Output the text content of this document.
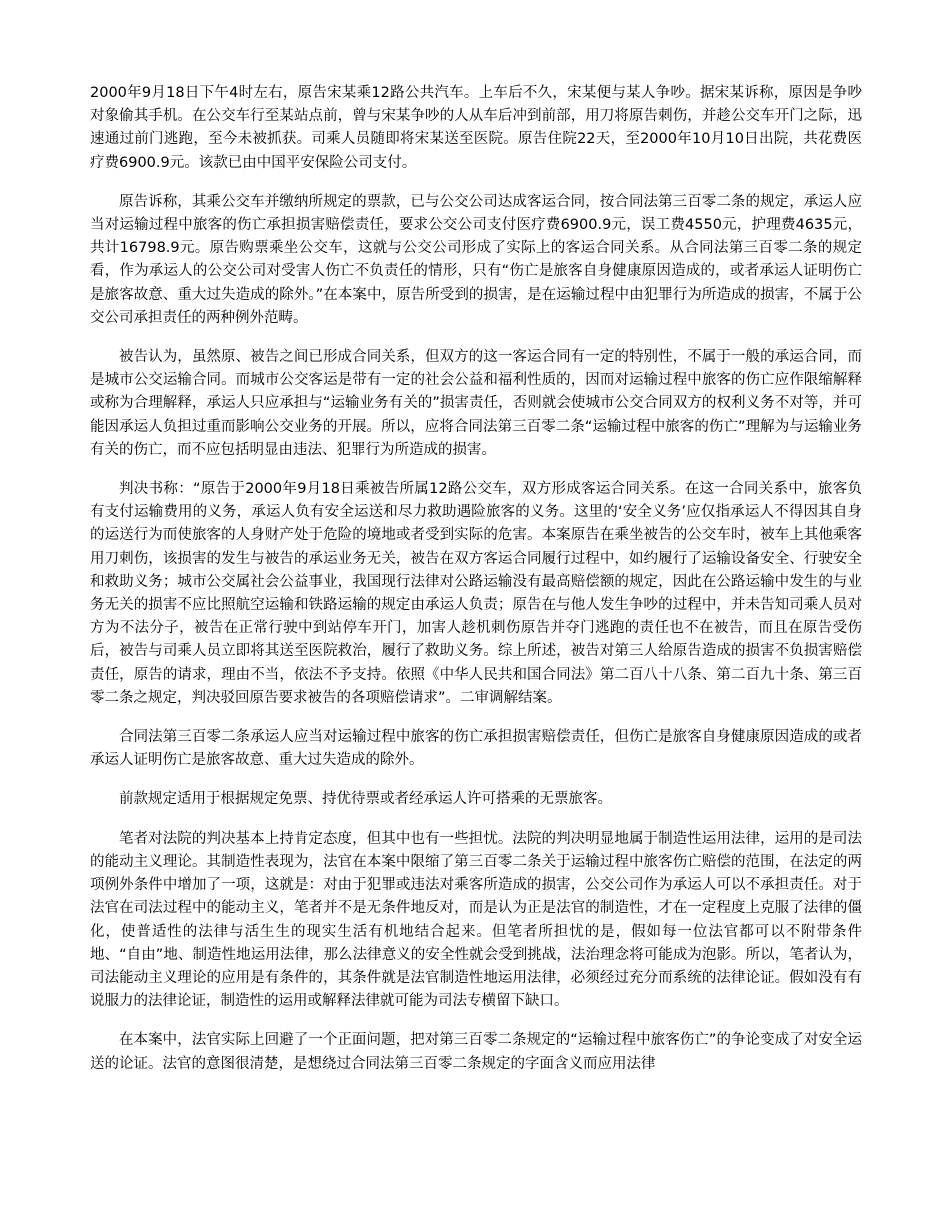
2000年9月18日下午4时左右，原告宋某乘12路公共汽车。上车后不久，宋某便与某人争吵。据宋某诉称，原因是争吵对象偷其手机。在公交车行至某站点前，曾与宋某争吵的人从车后冲到前部，用刀将原告刺伤，并趁公交车开门之际，迅速通过前门逃跑，至今未被抓获。司乘人员随即将宋某送至医院。原告住院22天，至2000年10月10日出院，共花费医疗费6900.9元。该款已由中国平安保险公司支付。

原告诉称，其乘公交车并缴纳所规定的票款，已与公交公司达成客运合同，按合同法第三百零二条的规定，承运人应当对运输过程中旅客的伤亡承担损害赔偿责任，要求公交公司支付医疗费6900.9元，误工费4550元，护理费4635元，共计16798.9元。原告购票乘坐公交车，这就与公交公司形成了实际上的客运合同关系。从合同法第三百零二条的规定看，作为承运人的公交公司对受害人伤亡不负责任的情形，只有“伤亡是旅客自身健康原因造成的，或者承运人证明伤亡是旅客故意、重大过失造成的除外。”在本案中，原告所受到的损害，是在运输过程中由犯罪行为所造成的损害，不属于公交公司承担责任的两种例外范畴。

被告认为，虽然原、被告之间已形成合同关系，但双方的这一客运合同有一定的特别性，不属于一般的承运合同，而是城市公交运输合同。而城市公交客运是带有一定的社会公益和福利性质的，因而对运输过程中旅客的伤亡应作限缩解释或称为合理解释，承运人只应承担与“运输业务有关的”损害责任，否则就会使城市公交合同双方的权利义务不对等，并可能因承运人负担过重而影响公交业务的开展。所以，应将合同法第三百零二条“运输过程中旅客的伤亡”理解为与运输业务有关的伤亡，而不应包括明显由违法、犯罪行为所造成的损害。

判决书称：“原告于2000年9月18日乘被告所属12路公交车，双方形成客运合同关系。在这一合同关系中，旅客负有支付运输费用的义务，承运人负有安全运送和尽力救助遇险旅客的义务。这里的‘安全义务’应仅指承运人不得因其自身的运送行为而使旅客的人身财产处于危险的境地或者受到实际的危害。本案原告在乘坐被告的公交车时，被车上其他乘客用刀刺伤，该损害的发生与被告的承运业务无关，被告在双方客运合同履行过程中，如约履行了运输设备安全、行驶安全和救助义务；城市公交属社会公益事业，我国现行法律对公路运输没有最高赔偿额的规定，因此在公路运输中发生的与业务无关的损害不应比照航空运输和铁路运输的规定由承运人负责；原告在与他人发生争吵的过程中，并未告知司乘人员对方为不法分子，被告在正常行驶中到站停车开门，加害人趁机刺伤原告并夺门逃跑的责任也不在被告，而且在原告受伤后，被告与司乘人员立即将其送至医院救治，履行了救助义务。综上所述，被告对第三人给原告造成的损害不负损害赔偿责任，原告的请求，理由不当，依法不予支持。依照《中华人民共和国合同法》第二百八十八条、第二百九十条、第三百零二条之规定，判决驳回原告要求被告的各项赔偿请求”。二审调解结案。

合同法第三百零二条承运人应当对运输过程中旅客的伤亡承担损害赔偿责任，但伤亡是旅客自身健康原因造成的或者承运人证明伤亡是旅客故意、重大过失造成的除外。

前款规定适用于根据规定免票、持优待票或者经承运人许可搭乘的无票旅客。

笔者对法院的判决基本上持肯定态度，但其中也有一些担忧。法院的判决明显地属于制造性运用法律，运用的是司法的能动主义理论。其制造性表现为，法官在本案中限缩了第三百零二条关于运输过程中旅客伤亡赔偿的范围，在法定的两项例外条件中增加了一项，这就是：对由于犯罪或违法对乘客所造成的损害，公交公司作为承运人可以不承担责任。对于法官在司法过程中的能动主义，笔者并不是无条件地反对，而是认为正是法官的制造性，才在一定程度上克服了法律的僵化，使普适性的法律与活生生的现实生活有机地结合起来。但笔者所担忧的是，假如每一位法官都可以不附带条件地、“自由”地、制造性地运用法律，那么法律意义的安全性就会受到挑战，法治理念将可能成为泡影。所以，笔者认为，司法能动主义理论的应用是有条件的，其条件就是法官制造性地运用法律，必须经过充分而系统的法律论证。假如没有有说服力的法律论证，制造性的运用或解释法律就可能为司法专横留下缺口。

在本案中，法官实际上回避了一个正面问题，把对第三百零二条规定的“运输过程中旅客伤亡”的争论变成了对安全运送的论证。法官的意图很清楚，是想绕过合同法第三百零二条规定的字面含义而应用法律
